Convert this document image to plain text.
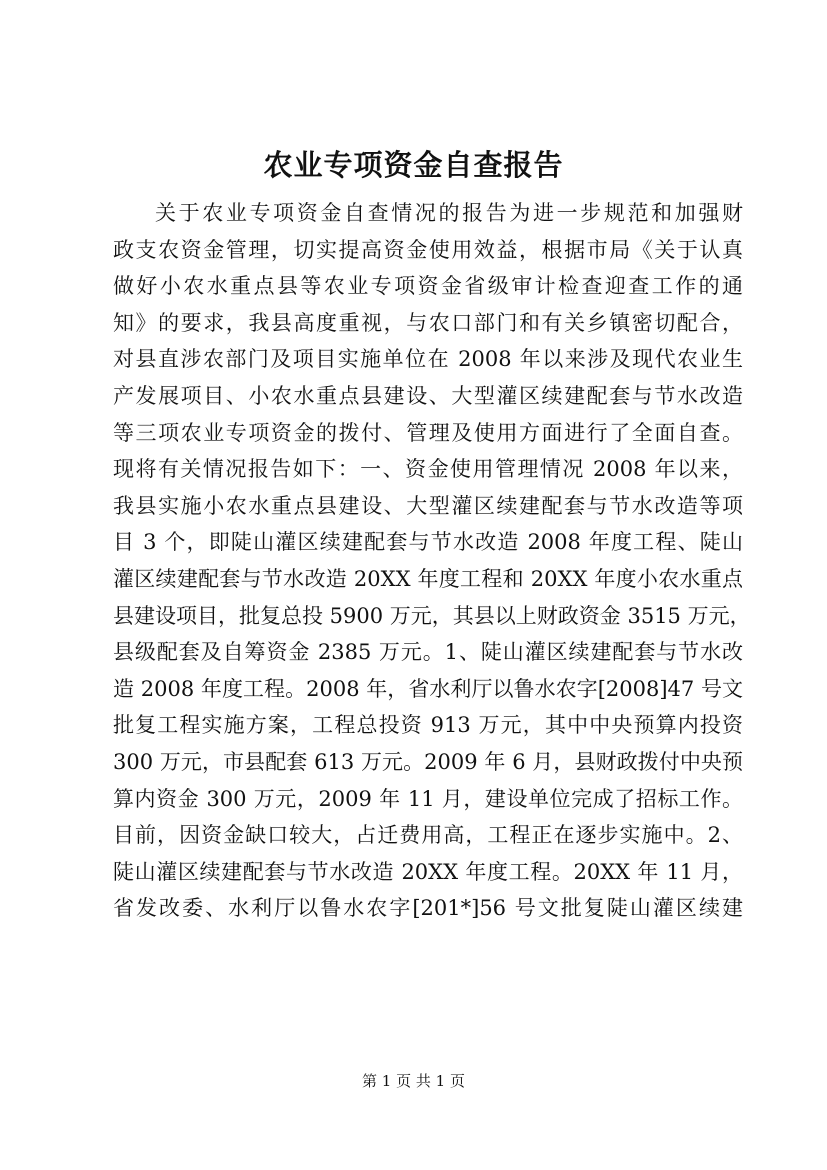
农业专项资金自查报告
关于农业专项资金自查情况的报告为进一步规范和加强财
政支农资金管理，切实提高资金使用效益，根据市局《关于认真
做好小农水重点县等农业专项资金省级审计检查迎查工作的通
知》的要求，我县高度重视，与农口部门和有关乡镇密切配合，
对县直涉农部门及项目实施单位在 2008 年以来涉及现代农业生
产发展项目、小农水重点县建设、大型灌区续建配套与节水改造
等三项农业专项资金的拨付、管理及使用方面进行了全面自查。
现将有关情况报告如下：一、资金使用管理情况 2008 年以来，
我县实施小农水重点县建设、大型灌区续建配套与节水改造等项
目 3 个，即陡山灌区续建配套与节水改造 2008 年度工程、陡山
灌区续建配套与节水改造 20XX 年度工程和 20XX 年度小农水重点
县建设项目，批复总投 5900 万元，其县以上财政资金 3515 万元，
县级配套及自筹资金 2385 万元。1、陡山灌区续建配套与节水改
造 2008 年度工程。2008 年，省水利厅以鲁水农字[2008]47 号文
批复工程实施方案，工程总投资 913 万元，其中中央预算内投资
300 万元，市县配套 613 万元。2009 年 6 月，县财政拨付中央预
算内资金 300 万元，2009 年 11 月，建设单位完成了招标工作。
目前，因资金缺口较大，占迁费用高，工程正在逐步实施中。2、
陡山灌区续建配套与节水改造 20XX 年度工程。20XX 年 11 月，
省发改委、水利厅以鲁水农字[201*]56 号文批复陡山灌区续建
第 1 页 共 1 页
